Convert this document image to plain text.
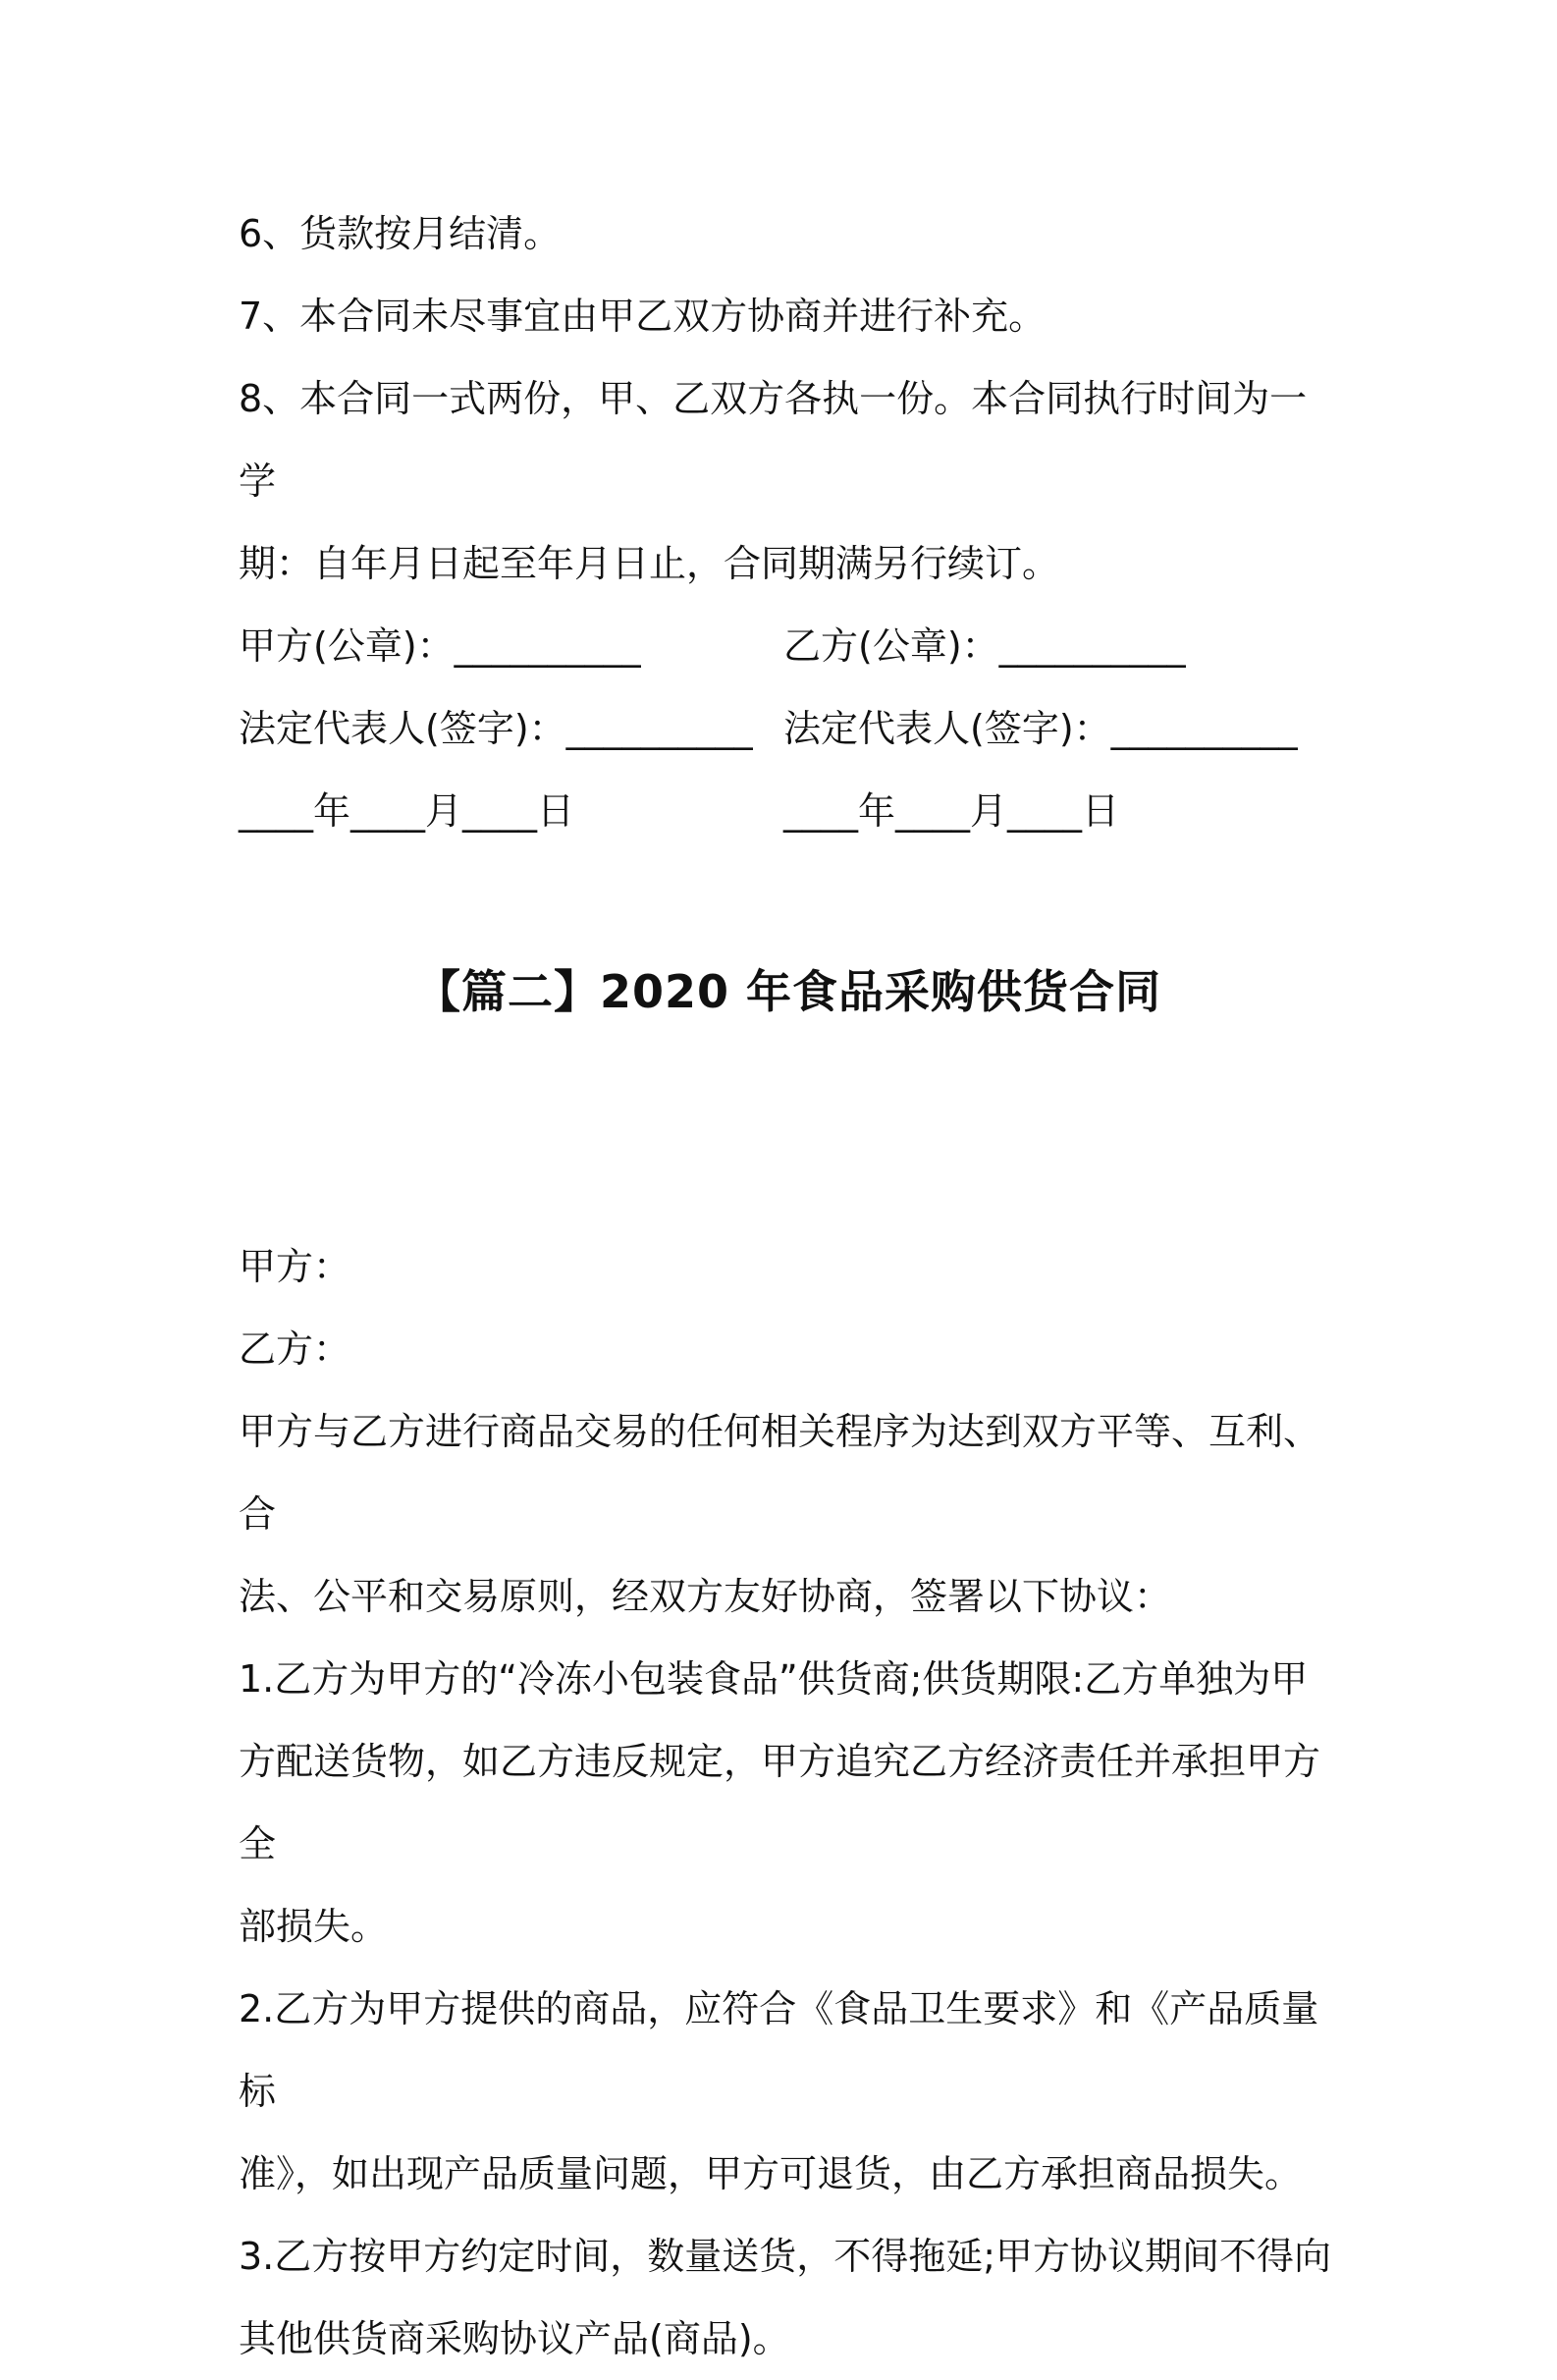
6、货款按月结清。

7、本合同未尽事宜由甲乙双方协商并进行补充。

8、本合同一式两份，甲、乙双方各执一份。本合同执行时间为一学

期：自年月日起至年月日止，合同期满另行续订。

甲方(公章)：__________	乙方(公章)：__________
法定代表人(签字)：__________ 法定代表人(签字)：__________
____年____月____日	____年____月____日
【篇二】2020 年食品采购供货合同

甲方：

乙方：

甲方与乙方进行商品交易的任何相关程序为达到双方平等、互利、合

法、公平和交易原则，经双方友好协商，签署以下协议：

1.乙方为甲方的“冷冻小包装食品”供货商;供货期限:乙方单独为甲

方配送货物，如乙方违反规定，甲方追究乙方经济责任并承担甲方全

部损失。

2.乙方为甲方提供的商品，应符合《食品卫生要求》和《产品质量标

准》，如出现产品质量问题，甲方可退货，由乙方承担商品损失。

3.乙方按甲方约定时间，数量送货，不得拖延;甲方协议期间不得向

其他供货商采购协议产品(商品)。
